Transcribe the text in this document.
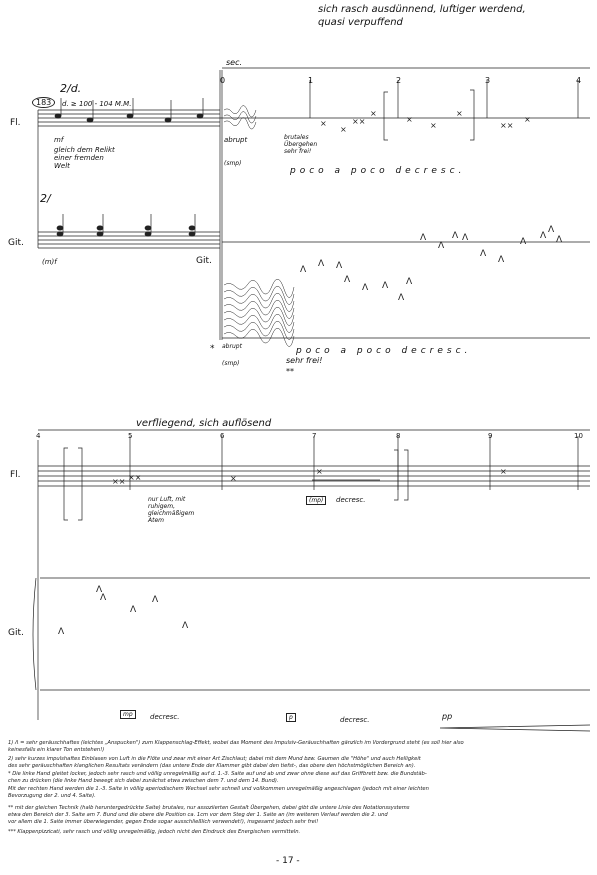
Λ
Λ Λ
Λ
Λ Λ
Λ
Λ
Λ
Λ
Λ Λ
Λ
Λ
Λ
Λ
Λ
Λ
Λ
Λ
Λ
Λ
Λ
Λ
×
×
××
×
×
×
×
××
×
×× ××	×
×	×
sich rasch ausdünnend, luftiger werdend,
quasi verpuffend
sec.
0	1	2	3	4
2/d.
183	d. ≥ 100 - 104 M.M.
Fl.
mf
gleich dem Relikt einer fremden Welt
abrupt
(smp)
brutales Übergehen sehr frei!
poco a poco decresc.
2/
Git.
(m)f	Git.
* abrupt
(smp)
poco a poco decresc.
sehr frei!
**
verfliegend, sich auflösend
4	5	6	7	8	9	10
Fl.
nur Luft, mit ruhigem, gleichmäßigem Atem
(mp)	decresc.
Git.
mp	decresc.	p	decresc.	pp
1) Λ = sehr geräuschhaftes (leichtes „Anspucken") zum Klappenschlag-Effekt, wobei das Moment des Impulsiv-Geräuschhaften gänzlich im Vordergrund steht (es soll hier also
keinesfalls ein klarer Ton entstehen!)
2) sehr kurzes impulshaftes Einblasen von Luft in die Flöte und zwar mit einer Art Zischlaut; dabei mit dem Mund bzw. Gaumen die "Höhe" und auch Helligkeit
des sehr geräuschhaften klanglichen Resultats verändern (das untere Ende der Klammer gibt dabei den tiefst-, das obere den höchstmöglichen Bereich an).
* Die linke Hand gleitet locker, jedoch sehr rasch und völlig unregelmäßig auf d. 1.-3. Saite auf und ab und zwar ohne diese auf das Griffbrett bzw. die Bundstäb-
chen zu drücken (die linke Hand bewegt sich dabei zunächst etwa zwischen dem 7. und dem 14. Bund).
Mit der rechten Hand werden die 1.-3. Saite in völlig aperiodischem Wechsel sehr schnell und vollkommen unregelmäßig angeschlagen (jedoch mit einer leichten
Bevorzugung der 2. und 4. Saite).
** mit der gleichen Technik (halb heruntergedrückte Saite) brutales, nur assoziierten Gestalt Übergehen, dabei gibt die untere Linie des Notationssystems
etwa den Bereich der 3. Saite am 7. Bund und die obere die Position ca. 1cm vor dem Steg der 1. Saite an (im weiteren Verlauf werden die 2. und
vor allem die 1. Saite immer überwiegender, gegen Ende sogar ausschließlich verwendet!), insgesamt jedoch sehr frei!
*** Klappenpizzicati, sehr rasch und völlig unregelmäßig, jedoch nicht den Eindruck des Energischen vermitteln.
- 17 -
